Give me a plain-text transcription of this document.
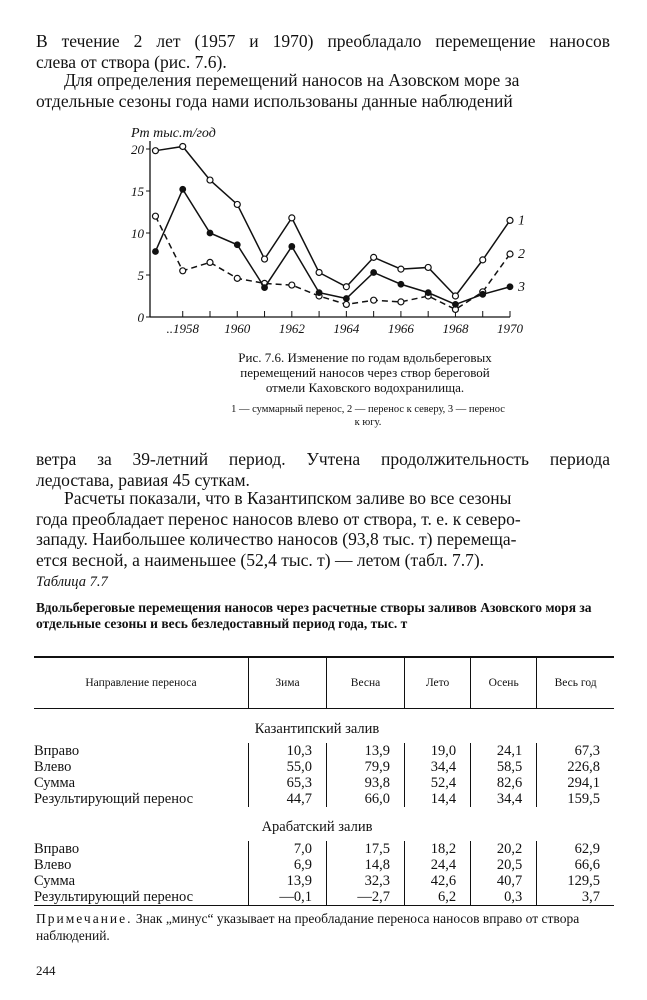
В течение 2 лет (1957 и 1970) преобладало перемещение наносов
слева от створа (рис. 7.6).

Для определения перемещений наносов на Азовском море за
отдельные сезоны года нами использованы данные наблюдений

0
5
10
15
20
..1958 1960 1962 1964 1966 1968 1970
1
2
3
Pт тыс.т/год

Рис. 7.6. Изменение по годам вдольбереговых перемещений наносов через створ береговой отмели Каховского водохранилища.

1 — суммарный перенос, 2 — перенос к северу, 3 — перенос к югу.

ветра за 39-летний период. Учтена продолжительность периода
ледостава, равиая 45 суткам.

Расчеты показали, что в Казантипском заливе во все сезоны
года преобладает перенос наносов влево от створа, т. е. к северо-
западу. Наибольшее количество наносов (93,8 тыс. т) перемеща-
ется весной, а наименьшее (52,4 тыс. т) — летом (табл. 7.7).

Таблица 7.7

Вдольбереговые перемещения наносов через расчетные створы заливов Азовского моря за отдельные сезоны и весь безледоставный период года, тыс. т

Направление переноса	Зима	Весна	Лето	Осень	Весь год
Казантипский залив					
Вправо	10,3	13,9	19,0	24,1	67,3
Влево	55,0	79,9	34,4	58,5	226,8
Сумма	65,3	93,8	52,4	82,6	294,1
Результирующий перенос	44,7	66,0	14,4	34,4	159,5
Арабатский залив					
Вправо	7,0	17,5	18,2	20,2	62,9
Влево	6,9	14,8	24,4	20,5	66,6
Сумма	13,9	32,3	42,6	40,7	129,5
Результирующий перенос	—0,1	—2,7	6,2	0,3	3,7

Примечание. Знак „минус“ указывает на преобладание переноса наносов вправо от створа наблюдений.

244
